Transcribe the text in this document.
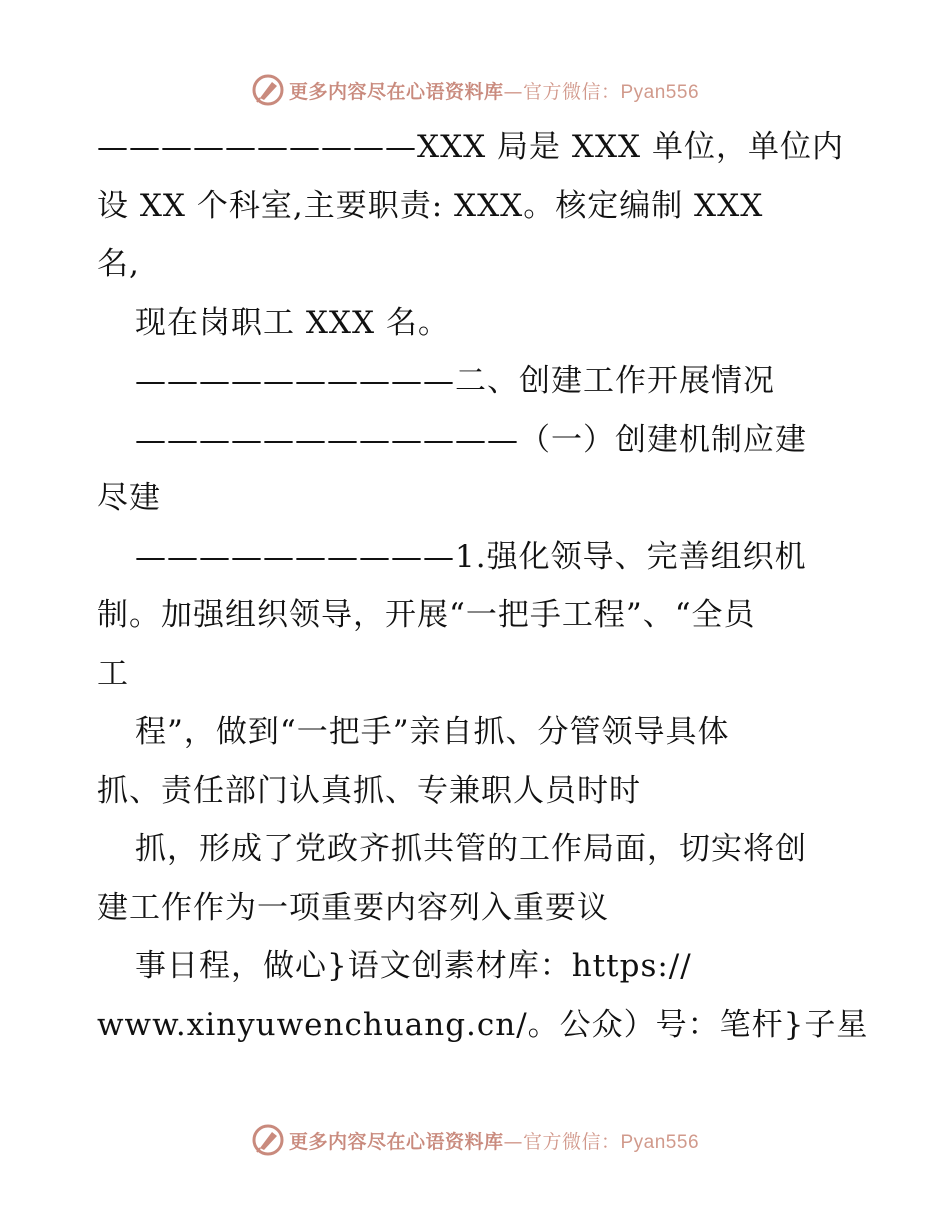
更多内容尽在心语资料库—官方微信：Pyan556
——————————XXX 局是 XXX 单位，单位内
设 XX 个科室,主要职责: XXX。核定编制 XXX
名,
现在岗职工 XXX 名。
——————————二、创建工作开展情况
————————————（一）创建机制应建
尽建
——————————1.强化领导、完善组织机
制。加强组织领导，开展“一把手工程”、“全员
工
程”，做到“一把手”亲自抓、分管领导具体
抓、责任部门认真抓、专兼职人员时时
抓，形成了党政齐抓共管的工作局面，切实将创
建工作作为一项重要内容列入重要议
事日程，做心}语文创素材库：https://
www.xinyuwenchuang.cn/。公众）号：笔杆}子星
更多内容尽在心语资料库—官方微信：Pyan556
